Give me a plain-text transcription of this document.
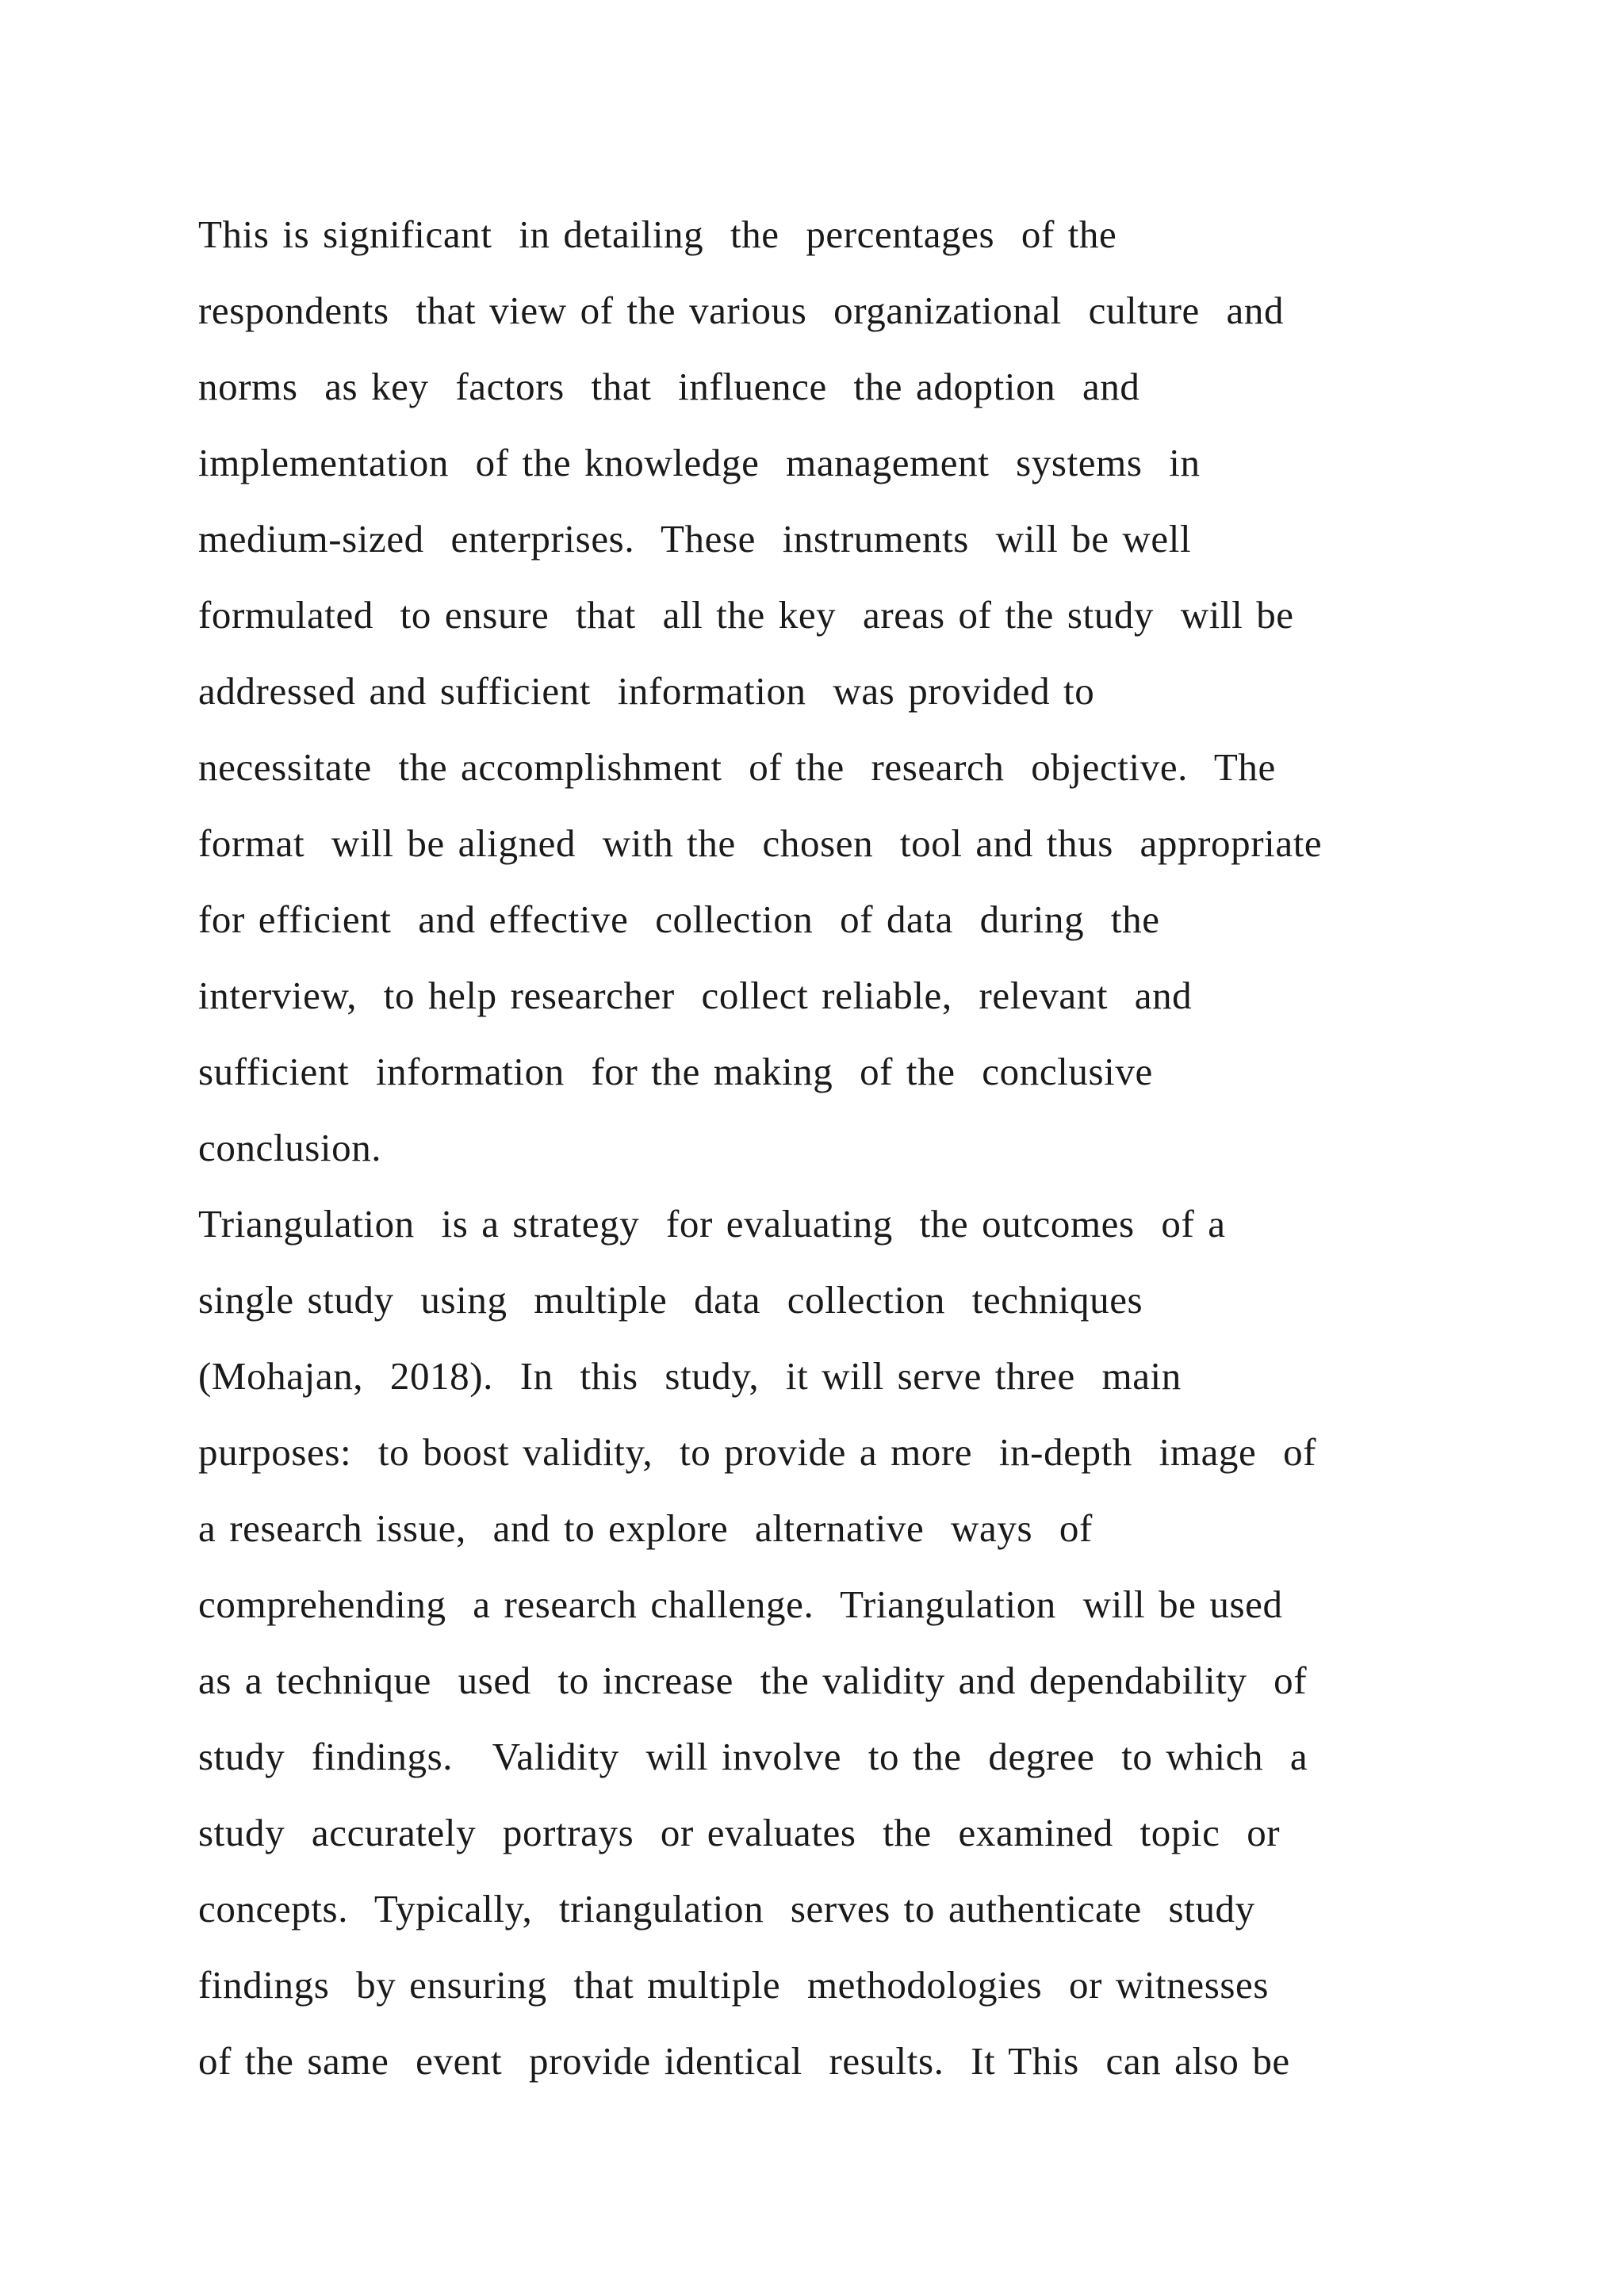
This is significant  in detailing  the  percentages  of the
respondents  that view of the various  organizational  culture  and
norms  as key  factors  that  influence  the adoption  and
implementation  of the knowledge  management  systems  in
medium-sized  enterprises.  These  instruments  will be well
formulated  to ensure  that  all the key  areas of the study  will be
addressed and sufficient  information  was provided to
necessitate  the accomplishment  of the  research  objective.  The
format  will be aligned  with the  chosen  tool and thus  appropriate
for efficient  and effective  collection  of data  during  the
interview,  to help researcher  collect reliable,  relevant  and
sufficient  information  for the making  of the  conclusive
conclusion.
Triangulation  is a strategy  for evaluating  the outcomes  of a
single study  using  multiple  data  collection  techniques
(Mohajan,  2018).  In  this  study,  it will serve three  main
purposes:  to boost validity,  to provide a more  in-depth  image  of
a research issue,  and to explore  alternative  ways  of
comprehending  a research challenge.  Triangulation  will be used
as a technique  used  to increase  the validity and dependability  of
study  findings.   Validity  will involve  to the  degree  to which  a
study  accurately  portrays  or evaluates  the  examined  topic  or
concepts.  Typically,  triangulation  serves to authenticate  study
findings  by ensuring  that multiple  methodologies  or witnesses
of the same  event  provide identical  results.  It This  can also be
